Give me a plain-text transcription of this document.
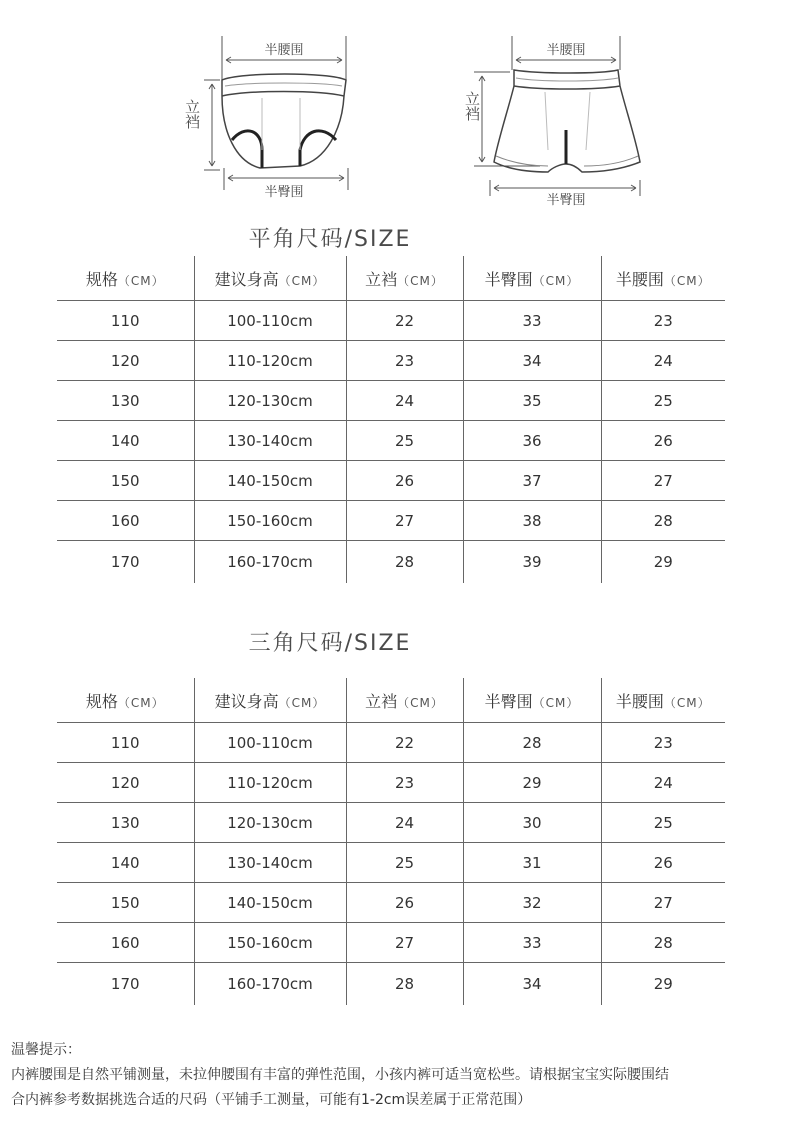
半腰围
半臀围
半腰围
半臀围
立裆	立裆
平角尺码/SIZE
规格（CM）	建议身高（CM）	立裆（CM）	半臀围（CM）	半腰围（CM）
110	100-110cm	22	33	23
120	110-120cm	23	34	24
130	120-130cm	24	35	25
140	130-140cm	25	36	26
150	140-150cm	26	37	27
160	150-160cm	27	38	28
170	160-170cm	28	39	29
三角尺码/SIZE
规格（CM）	建议身高（CM）	立裆（CM）	半臀围（CM）	半腰围（CM）
110	100-110cm	22	28	23
120	110-120cm	23	29	24
130	120-130cm	24	30	25
140	130-140cm	25	31	26
150	140-150cm	26	32	27
160	150-160cm	27	33	28
170	160-170cm	28	34	29
温馨提示：
内裤腰围是自然平铺测量，未拉伸腰围有丰富的弹性范围，小孩内裤可适当宽松些。请根据宝宝实际腰围结
合内裤参考数据挑选合适的尺码（平铺手工测量，可能有1-2cm误差属于正常范围）
